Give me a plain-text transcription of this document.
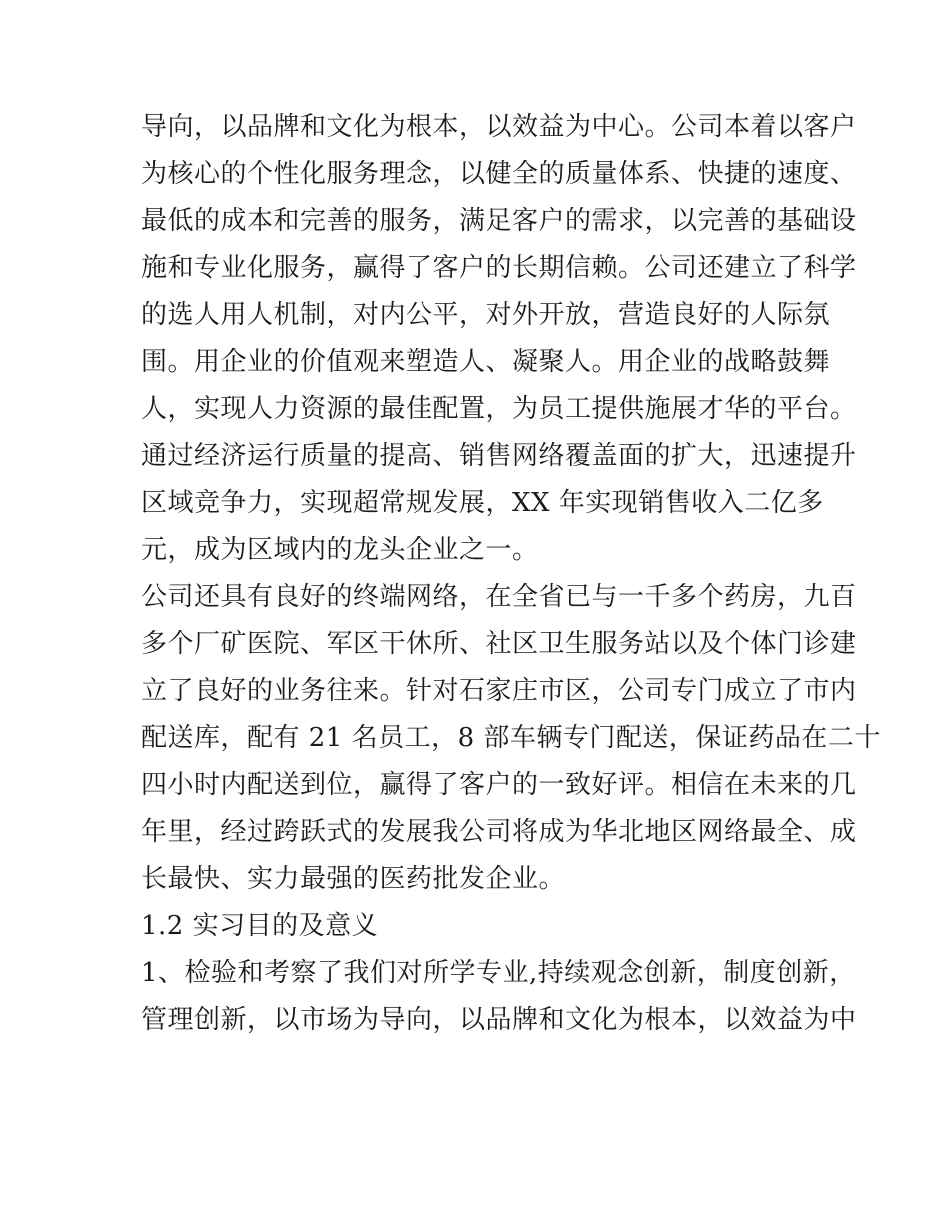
导向，以品牌和文化为根本，以效益为中心。公司本着以客户
为核心的个性化服务理念，以健全的质量体系、快捷的速度、
最低的成本和完善的服务，满足客户的需求，以完善的基础设
施和专业化服务，赢得了客户的长期信赖。公司还建立了科学
的选人用人机制，对内公平，对外开放，营造良好的人际氛
围。用企业的价值观来塑造人、凝聚人。用企业的战略鼓舞
人，实现人力资源的最佳配置，为员工提供施展才华的平台。
通过经济运行质量的提高、销售网络覆盖面的扩大，迅速提升
区域竞争力，实现超常规发展，XX 年实现销售收入二亿多
元，成为区域内的龙头企业之一。
公司还具有良好的终端网络，在全省已与一千多个药房，九百
多个厂矿医院、军区干休所、社区卫生服务站以及个体门诊建
立了良好的业务往来。针对石家庄市区，公司专门成立了市内
配送库，配有 21 名员工，8 部车辆专门配送，保证药品在二十
四小时内配送到位，赢得了客户的一致好评。相信在未来的几
年里，经过跨跃式的发展我公司将成为华北地区网络最全、成
长最快、实力最强的医药批发企业。
1.2 实习目的及意义
1、检验和考察了我们对所学专业,持续观念创新，制度创新，
管理创新，以市场为导向，以品牌和文化为根本，以效益为中
